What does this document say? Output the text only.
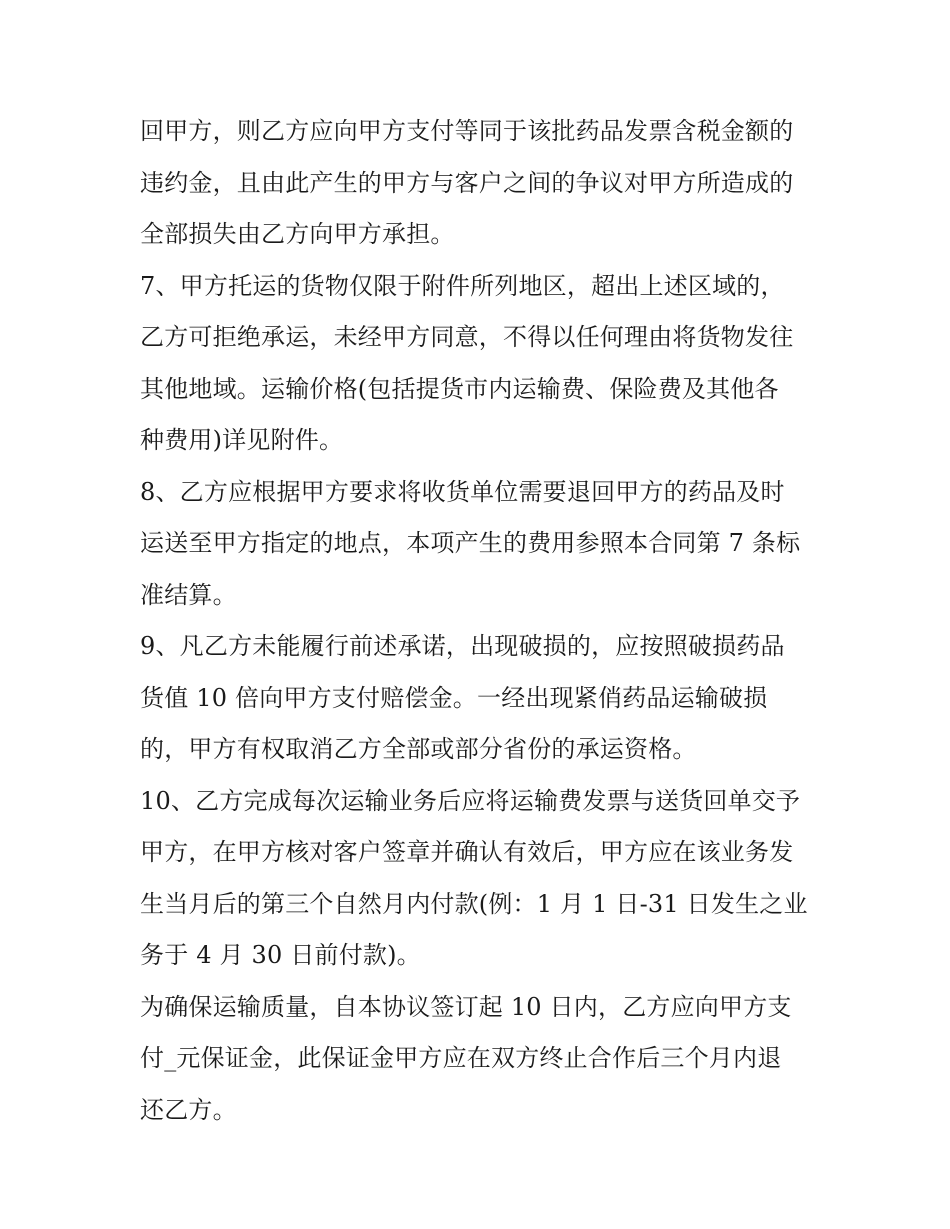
回甲方，则乙方应向甲方支付等同于该批药品发票含税金额的
违约金，且由此产生的甲方与客户之间的争议对甲方所造成的
全部损失由乙方向甲方承担。
7、甲方托运的货物仅限于附件所列地区，超出上述区域的，
乙方可拒绝承运，未经甲方同意，不得以任何理由将货物发往
其他地域。运输价格(包括提货市内运输费、保险费及其他各
种费用)详见附件。
8、乙方应根据甲方要求将收货单位需要退回甲方的药品及时
运送至甲方指定的地点，本项产生的费用参照本合同第 7 条标
准结算。
9、凡乙方未能履行前述承诺，出现破损的，应按照破损药品
货值 10 倍向甲方支付赔偿金。一经出现紧俏药品运输破损
的，甲方有权取消乙方全部或部分省份的承运资格。
10、乙方完成每次运输业务后应将运输费发票与送货回单交予
甲方，在甲方核对客户签章并确认有效后，甲方应在该业务发
生当月后的第三个自然月内付款(例：1 月 1 日-31 日发生之业
务于 4 月 30 日前付款)。
为确保运输质量，自本协议签订起 10 日内，乙方应向甲方支
付_元保证金，此保证金甲方应在双方终止合作后三个月内退
还乙方。
